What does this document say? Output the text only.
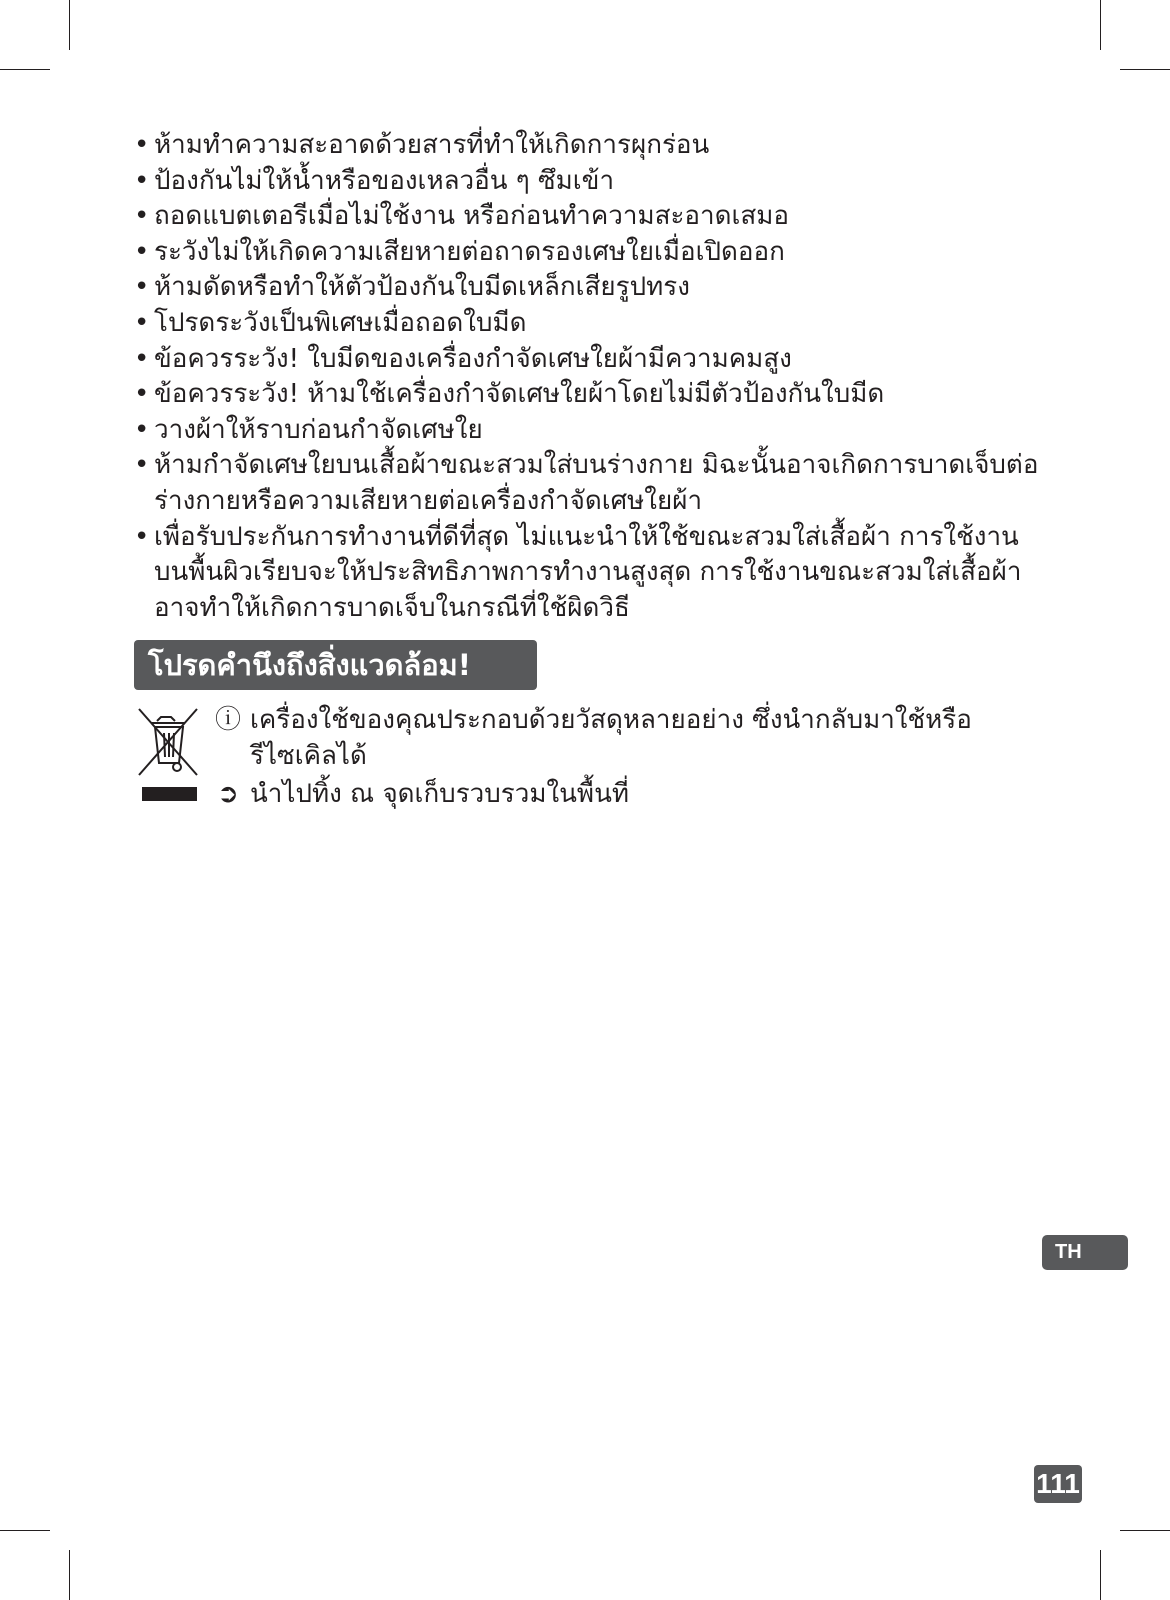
• ห้ามทำความสะอาดด้วยสารที่ทำให้เกิดการผุกร่อน
• ป้องกันไม่ให้น้ำหรือของเหลวอื่น ๆ ซึมเข้า
• ถอดแบตเตอรีเมื่อไม่ใช้งาน หรือก่อนทำความสะอาดเสมอ
• ระวังไม่ให้เกิดความเสียหายต่อถาดรองเศษใยเมื่อเปิดออก
• ห้ามดัดหรือทำให้ตัวป้องกันใบมีดเหล็กเสียรูปทรง
• โปรดระวังเป็นพิเศษเมื่อถอดใบมีด
• ข้อควรระวัง! ใบมีดของเครื่องกำจัดเศษใยผ้ามีความคมสูง
• ข้อควรระวัง! ห้ามใช้เครื่องกำจัดเศษใยผ้าโดยไม่มีตัวป้องกันใบมีด
• วางผ้าให้ราบก่อนกำจัดเศษใย
• ห้ามกำจัดเศษใยบนเสื้อผ้าขณะสวมใส่บนร่างกาย มิฉะนั้นอาจเกิดการบาดเจ็บต่อร่างกายหรือความเสียหายต่อเครื่องกำจัดเศษใยผ้า
• เพื่อรับประกันการทำงานที่ดีที่สุด ไม่แนะนำให้ใช้ขณะสวมใส่เสื้อผ้า การใช้งานบนพื้นผิวเรียบจะให้ประสิทธิภาพการทำงานสูงสุด การใช้งานขณะสวมใส่เสื้อผ้าอาจทำให้เกิดการบาดเจ็บในกรณีที่ใช้ผิดวิธี
โปรดคำนึงถึงสิ่งแวดล้อม!
ⓘ เครื่องใช้ของคุณประกอบด้วยวัสดุหลายอย่าง ซึ่งนำกลับมาใช้หรือรีไซเคิลได้
➲ นำไปทิ้ง ณ จุดเก็บรวบรวมในพื้นที่
TH
111
